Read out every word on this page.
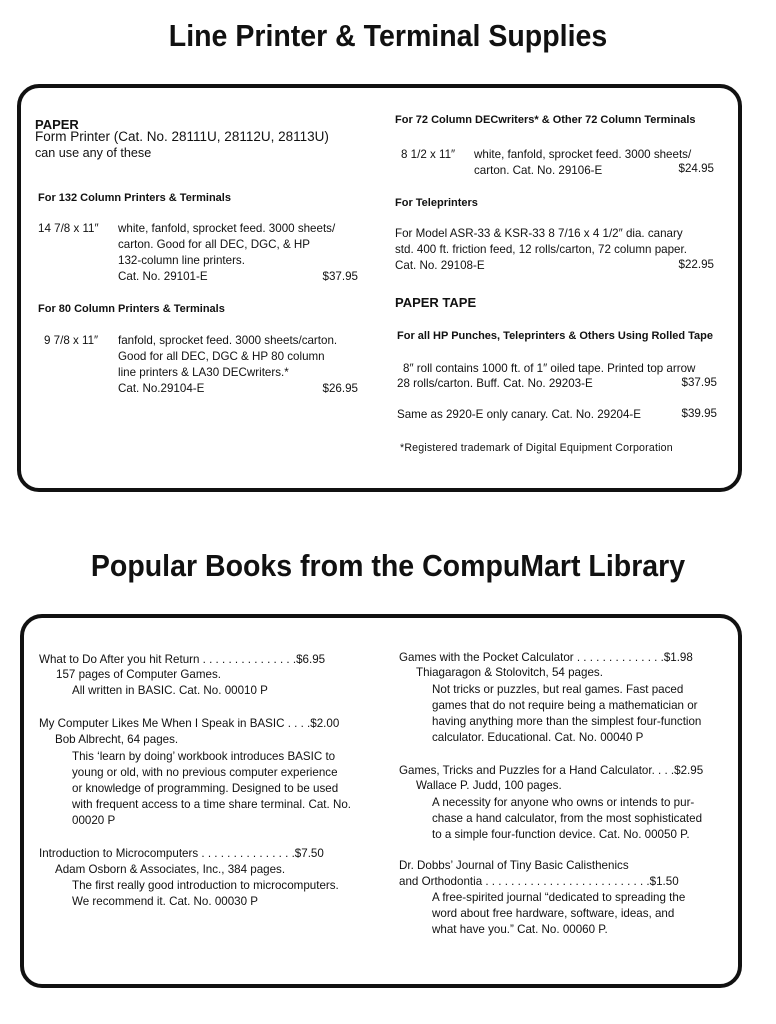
Line Printer & Terminal Supplies
PAPER
Form Printer (Cat. No. 28111U, 28112U, 28113U)
can use any of these
For 132 Column Printers & Terminals
14 7/8 x 11″ white, fanfold, sprocket feed. 3000 sheets/
carton. Good for all DEC, DGC, & HP
132-column line printers.
Cat. No. 29101-E	$37.95
For 80 Column Printers & Terminals
9 7/8 x 11″ fanfold, sprocket feed. 3000 sheets/carton.
Good for all DEC, DGC & HP 80 column
line printers & LA30 DECwriters.*
Cat. No.29104-E	$26.95
For 72 Column DECwriters* & Other 72 Column Terminals
8 1/2 x 11″ white, fanfold, sprocket feed. 3000 sheets/
carton. Cat. No. 29106-E	$24.95
For Teleprinters
For Model ASR-33 & KSR-33 8 7/16 x 4 1/2″ dia. canary
std. 400 ft. friction feed, 12 rolls/carton, 72 column paper.
Cat. No. 29108-E	$22.95
PAPER TAPE
For all HP Punches, Teleprinters & Others Using Rolled Tape
8″ roll contains 1000 ft. of 1″ oiled tape. Printed top arrow
28 rolls/carton. Buff. Cat. No. 29203-E	$37.95
Same as 2920-E only canary. Cat. No. 29204-E	$39.95
*Registered trademark of Digital Equipment Corporation
Popular Books from the CompuMart Library
What to Do After you hit Return . . . . . . . . . . . . . . .$6.95
157 pages of Computer Games.
All written in BASIC. Cat. No. 00010 P
My Computer Likes Me When I Speak in BASIC . . . .$2.00
Bob Albrecht, 64 pages.
This ‘learn by doing’ workbook introduces BASIC to
young or old, with no previous computer experience
or knowledge of programming. Designed to be used
with frequent access to a time share terminal. Cat. No.
00020 P
Introduction to Microcomputers . . . . . . . . . . . . . . .$7.50
Adam Osborn & Associates, Inc., 384 pages.
The first really good introduction to microcomputers.
We recommend it. Cat. No. 00030 P
Games with the Pocket Calculator . . . . . . . . . . . . . .$1.98
Thiagaragon & Stolovitch, 54 pages.
Not tricks or puzzles, but real games. Fast paced
games that do not require being a mathematician or
having anything more than the simplest four-function
calculator. Educational. Cat. No. 00040 P
Games, Tricks and Puzzles for a Hand Calculator. . . .$2.95
Wallace P. Judd, 100 pages.
A necessity for anyone who owns or intends to pur-
chase a hand calculator, from the most sophisticated
to a simple four-function device. Cat. No. 00050 P.
Dr. Dobbs’ Journal of Tiny Basic Calisthenics
and Orthodontia . . . . . . . . . . . . . . . . . . . . . . . . . .$1.50
A free-spirited journal “dedicated to spreading the
word about free hardware, software, ideas, and
what have you.” Cat. No. 00060 P.
